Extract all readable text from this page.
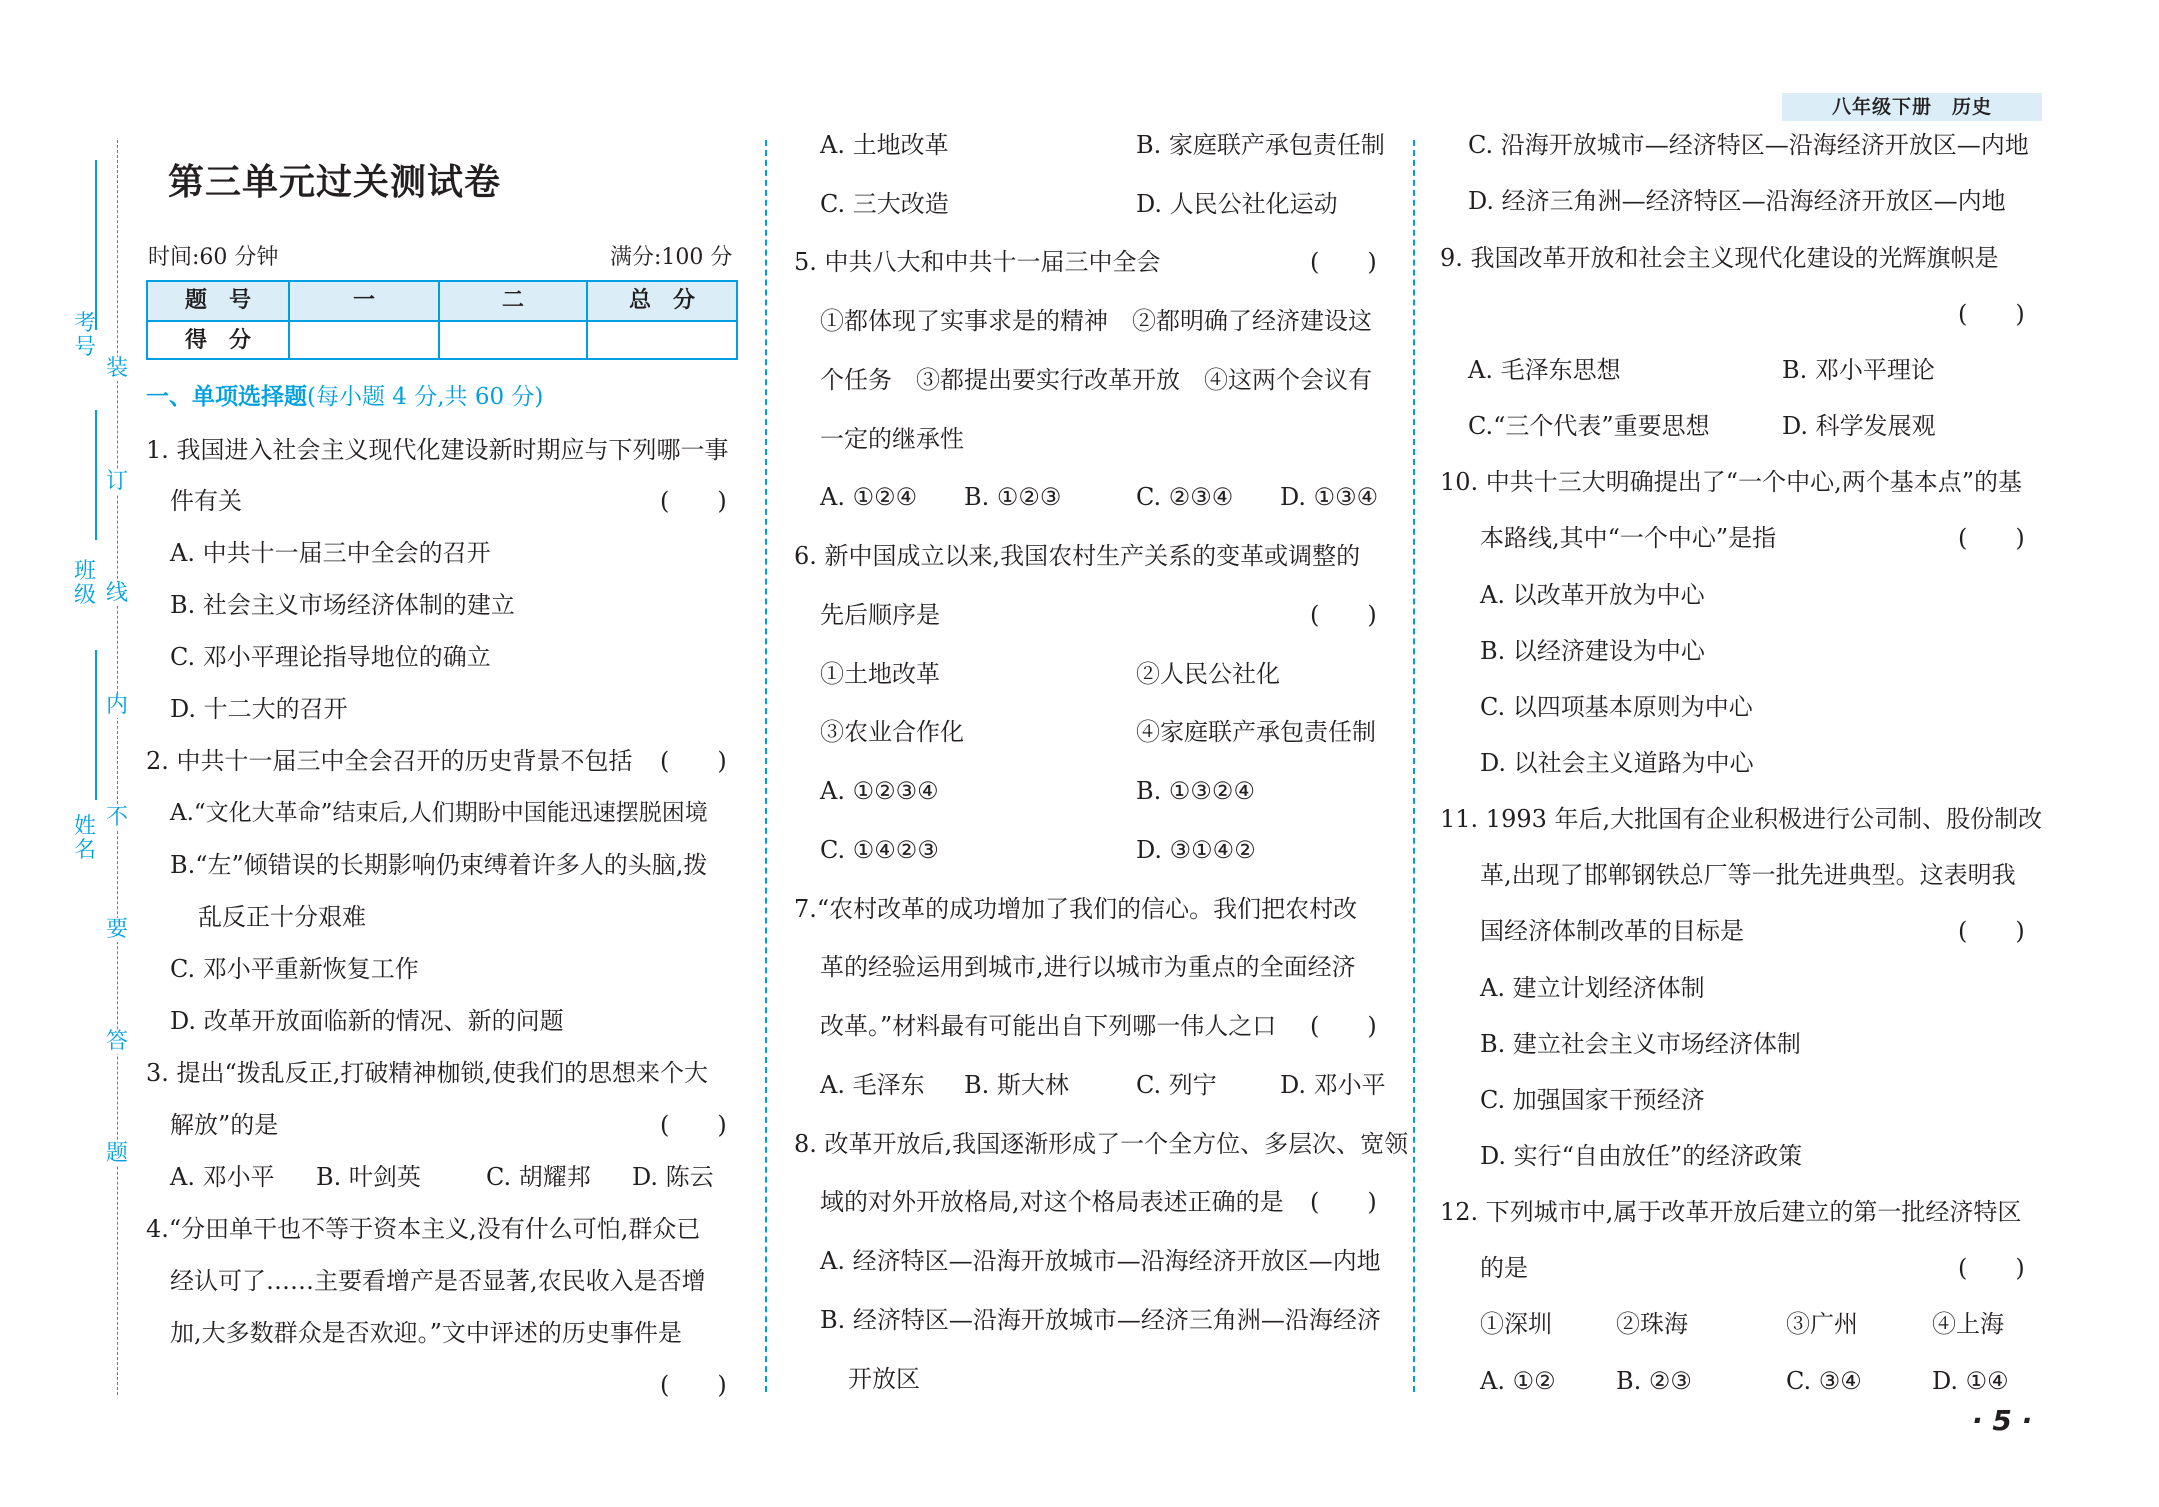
八年级下册　历史
考号
班级
姓名
装
订
线
内
不
要
答
题
第三单元过关测试卷
时间:60 分钟	满分:100 分
题　号	一	二	总　分
得　分
一、单项选择题(每小题 4 分,共 60 分)
1. 我国进入社会主义现代化建设新时期应与下列哪一事
件有关	(　　)
A. 中共十一届三中全会的召开
B. 社会主义市场经济体制的建立
C. 邓小平理论指导地位的确立
D. 十二大的召开
2. 中共十一届三中全会召开的历史背景不包括 (　　)
A.“文化大革命”结束后,人们期盼中国能迅速摆脱困境
B.“左”倾错误的长期影响仍束缚着许多人的头脑,拨
乱反正十分艰难
C. 邓小平重新恢复工作
D. 改革开放面临新的情况、新的问题
3. 提出“拨乱反正,打破精神枷锁,使我们的思想来个大
解放”的是	(　　)
A. 邓小平 B. 叶剑英	C. 胡耀邦 D. 陈云
4.“分田单干也不等于资本主义,没有什么可怕,群众已
经认可了……主要看增产是否显著,农民收入是否增
加,大多数群众是否欢迎。”文中评述的历史事件是
(　　)
A. 土地改革	B. 家庭联产承包责任制
C. 三大改造	D. 人民公社化运动
5. 中共八大和中共十一届三中全会	(　　)
①都体现了实事求是的精神　②都明确了经济建设这
个任务　③都提出要实行改革开放　④这两个会议有
一定的继承性
A. ①②④ B. ①②③	C. ②③④ D. ①③④
6. 新中国成立以来,我国农村生产关系的变革或调整的
先后顺序是	(　　)
①土地改革	②人民公社化
③农业合作化	④家庭联产承包责任制
A. ①②③④	B. ①③②④
C. ①④②③	D. ③①④②
7.“农村改革的成功增加了我们的信心。我们把农村改
革的经验运用到城市,进行以城市为重点的全面经济
改革。”材料最有可能出自下列哪一伟人之口 (　　)
A. 毛泽东 B. 斯大林	C. 列宁	D. 邓小平
8. 改革开放后,我国逐渐形成了一个全方位、多层次、宽领
域的对外开放格局,对这个格局表述正确的是 (　　)
A. 经济特区—沿海开放城市—沿海经济开放区—内地
B. 经济特区—沿海开放城市—经济三角洲—沿海经济
开放区
C. 沿海开放城市—经济特区—沿海经济开放区—内地
D. 经济三角洲—经济特区—沿海经济开放区—内地
9. 我国改革开放和社会主义现代化建设的光辉旗帜是
(　　)
A. 毛泽东思想	B. 邓小平理论
C.“三个代表”重要思想	D. 科学发展观
10. 中共十三大明确提出了“一个中心,两个基本点”的基
本路线,其中“一个中心”是指	(　　)
A. 以改革开放为中心
B. 以经济建设为中心
C. 以四项基本原则为中心
D. 以社会主义道路为中心
11. 1993 年后,大批国有企业积极进行公司制、股份制改
革,出现了邯郸钢铁总厂等一批先进典型。这表明我
国经济体制改革的目标是	(　　)
A. 建立计划经济体制
B. 建立社会主义市场经济体制
C. 加强国家干预经济
D. 实行“自由放任”的经济政策
12. 下列城市中,属于改革开放后建立的第一批经济特区
的是	(　　)
①深圳	②珠海	③广州	④上海
A. ①②	B. ②③	C. ③④	D. ①④
· 5 ·
